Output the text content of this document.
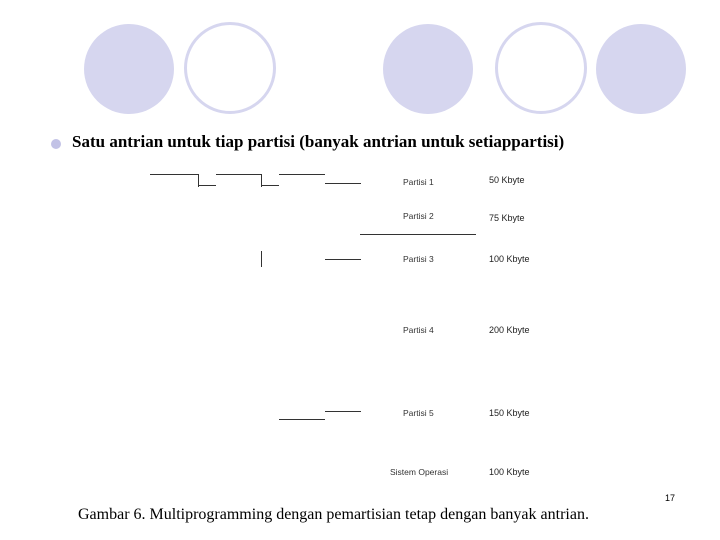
Satu antrian untuk tiap partisi (banyak antrian untuk setiappartisi)
Partisi 1	50 Kbyte
Partisi 2	75 Kbyte
Partisi 3	100 Kbyte
Partisi 4	200 Kbyte
Partisi 5	150 Kbyte
Sistem Operasi	100 Kbyte
Gambar 6. Multiprogramming dengan pemartisian tetap dengan banyak antrian.
17
